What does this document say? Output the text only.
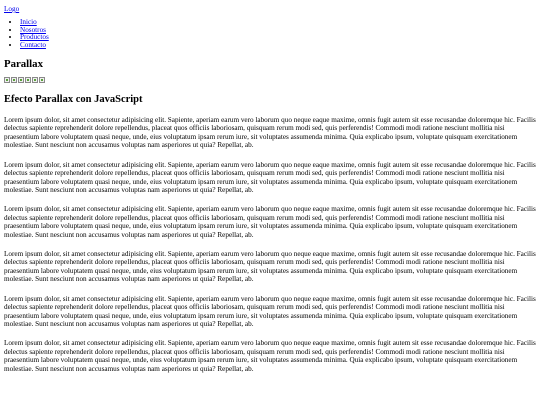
Logo
• Inicio
• Nosotros
• Productos
• Contacto
Parallax
Efecto Parallax con JavaScript

Lorem ipsum dolor, sit amet consectetur adipisicing elit. Sapiente, aperiam earum vero laborum quo neque eaque maxime, omnis fugit autem sit esse recusandae doloremque hic. Facilis delectus sapiente reprehenderit dolore repellendus, placeat quos officiis laboriosam, quisquam rerum modi sed, quis perferendis! Commodi modi ratione nesciunt mollitia nisi praesentium labore voluptatem quasi neque, unde, eius voluptatum ipsam rerum iure, sit voluptates assumenda minima. Quia explicabo ipsum, voluptate quisquam exercitationem molestiae. Sunt nesciunt non accusamus voluptas nam asperiores ut quia? Repellat, ab.

Lorem ipsum dolor, sit amet consectetur adipisicing elit. Sapiente, aperiam earum vero laborum quo neque eaque maxime, omnis fugit autem sit esse recusandae doloremque hic. Facilis delectus sapiente reprehenderit dolore repellendus, placeat quos officiis laboriosam, quisquam rerum modi sed, quis perferendis! Commodi modi ratione nesciunt mollitia nisi praesentium labore voluptatem quasi neque, unde, eius voluptatum ipsam rerum iure, sit voluptates assumenda minima. Quia explicabo ipsum, voluptate quisquam exercitationem molestiae. Sunt nesciunt non accusamus voluptas nam asperiores ut quia? Repellat, ab.

Lorem ipsum dolor, sit amet consectetur adipisicing elit. Sapiente, aperiam earum vero laborum quo neque eaque maxime, omnis fugit autem sit esse recusandae doloremque hic. Facilis delectus sapiente reprehenderit dolore repellendus, placeat quos officiis laboriosam, quisquam rerum modi sed, quis perferendis! Commodi modi ratione nesciunt mollitia nisi praesentium labore voluptatem quasi neque, unde, eius voluptatum ipsam rerum iure, sit voluptates assumenda minima. Quia explicabo ipsum, voluptate quisquam exercitationem molestiae. Sunt nesciunt non accusamus voluptas nam asperiores ut quia? Repellat, ab.

Lorem ipsum dolor, sit amet consectetur adipisicing elit. Sapiente, aperiam earum vero laborum quo neque eaque maxime, omnis fugit autem sit esse recusandae doloremque hic. Facilis delectus sapiente reprehenderit dolore repellendus, placeat quos officiis laboriosam, quisquam rerum modi sed, quis perferendis! Commodi modi ratione nesciunt mollitia nisi praesentium labore voluptatem quasi neque, unde, eius voluptatum ipsam rerum iure, sit voluptates assumenda minima. Quia explicabo ipsum, voluptate quisquam exercitationem molestiae. Sunt nesciunt non accusamus voluptas nam asperiores ut quia? Repellat, ab.

Lorem ipsum dolor, sit amet consectetur adipisicing elit. Sapiente, aperiam earum vero laborum quo neque eaque maxime, omnis fugit autem sit esse recusandae doloremque hic. Facilis delectus sapiente reprehenderit dolore repellendus, placeat quos officiis laboriosam, quisquam rerum modi sed, quis perferendis! Commodi modi ratione nesciunt mollitia nisi praesentium labore voluptatem quasi neque, unde, eius voluptatum ipsam rerum iure, sit voluptates assumenda minima. Quia explicabo ipsum, voluptate quisquam exercitationem molestiae. Sunt nesciunt non accusamus voluptas nam asperiores ut quia? Repellat, ab.

Lorem ipsum dolor, sit amet consectetur adipisicing elit. Sapiente, aperiam earum vero laborum quo neque eaque maxime, omnis fugit autem sit esse recusandae doloremque hic. Facilis delectus sapiente reprehenderit dolore repellendus, placeat quos officiis laboriosam, quisquam rerum modi sed, quis perferendis! Commodi modi ratione nesciunt mollitia nisi praesentium labore voluptatem quasi neque, unde, eius voluptatum ipsam rerum iure, sit voluptates assumenda minima. Quia explicabo ipsum, voluptate quisquam exercitationem molestiae. Sunt nesciunt non accusamus voluptas nam asperiores ut quia? Repellat, ab.
